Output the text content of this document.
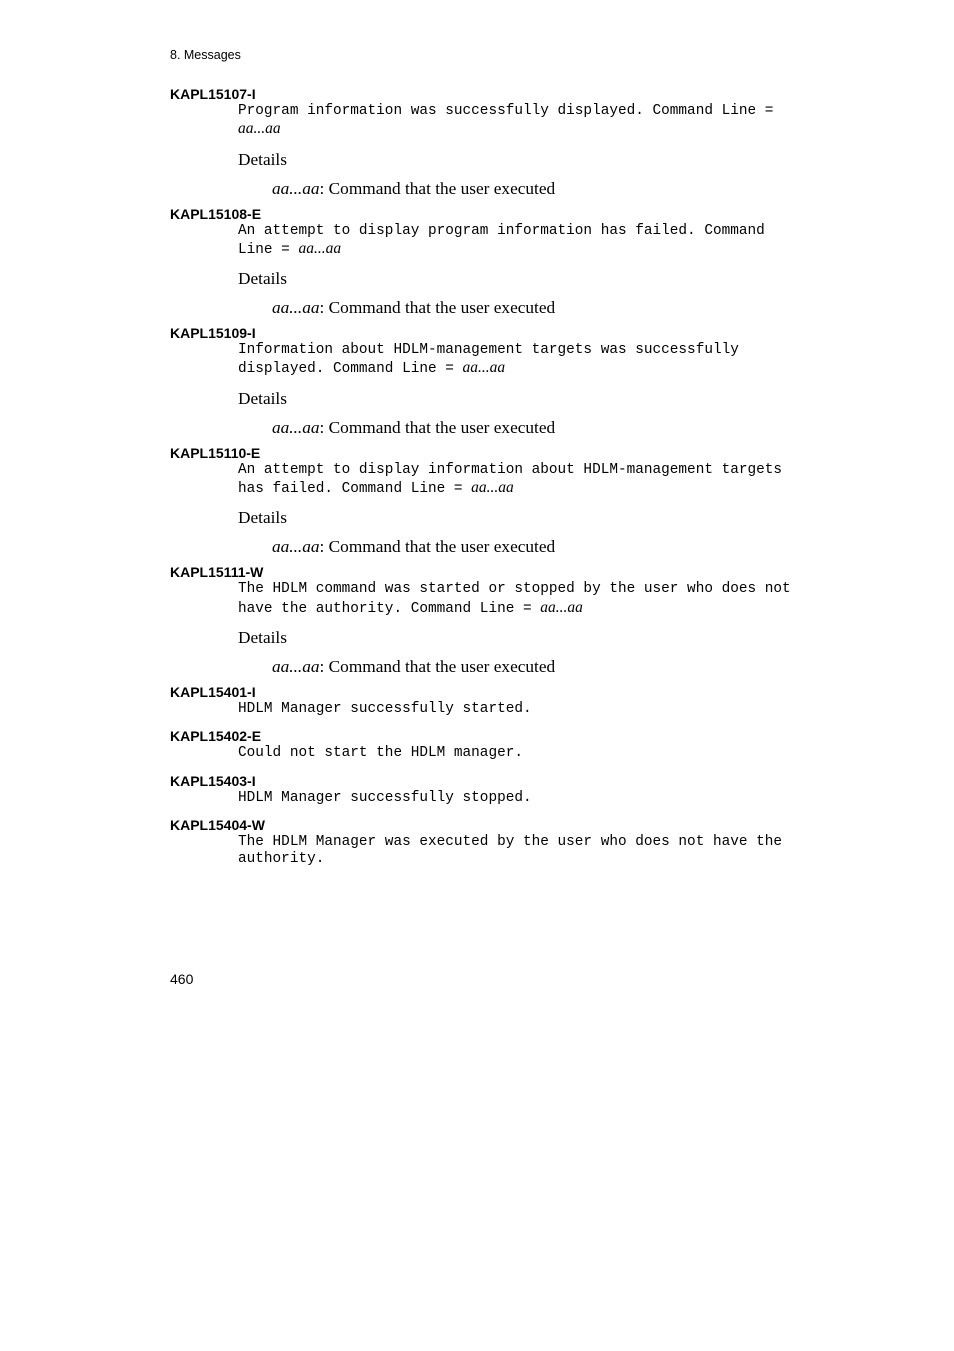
8. Messages
KAPL15107-I
Program information was successfully displayed. Command Line =
aa...aa
Details
aa...aa: Command that the user executed
KAPL15108-E
An attempt to display program information has failed. Command
Line = aa...aa
Details
aa...aa: Command that the user executed
KAPL15109-I
Information about HDLM-management targets was successfully
displayed. Command Line = aa...aa
Details
aa...aa: Command that the user executed
KAPL15110-E
An attempt to display information about HDLM-management targets
has failed. Command Line = aa...aa
Details
aa...aa: Command that the user executed
KAPL15111-W
The HDLM command was started or stopped by the user who does not
have the authority. Command Line = aa...aa
Details
aa...aa: Command that the user executed
KAPL15401-I
HDLM Manager successfully started.
KAPL15402-E
Could not start the HDLM manager.
KAPL15403-I
HDLM Manager successfully stopped.
KAPL15404-W
The HDLM Manager was executed by the user who does not have the
authority.
460
